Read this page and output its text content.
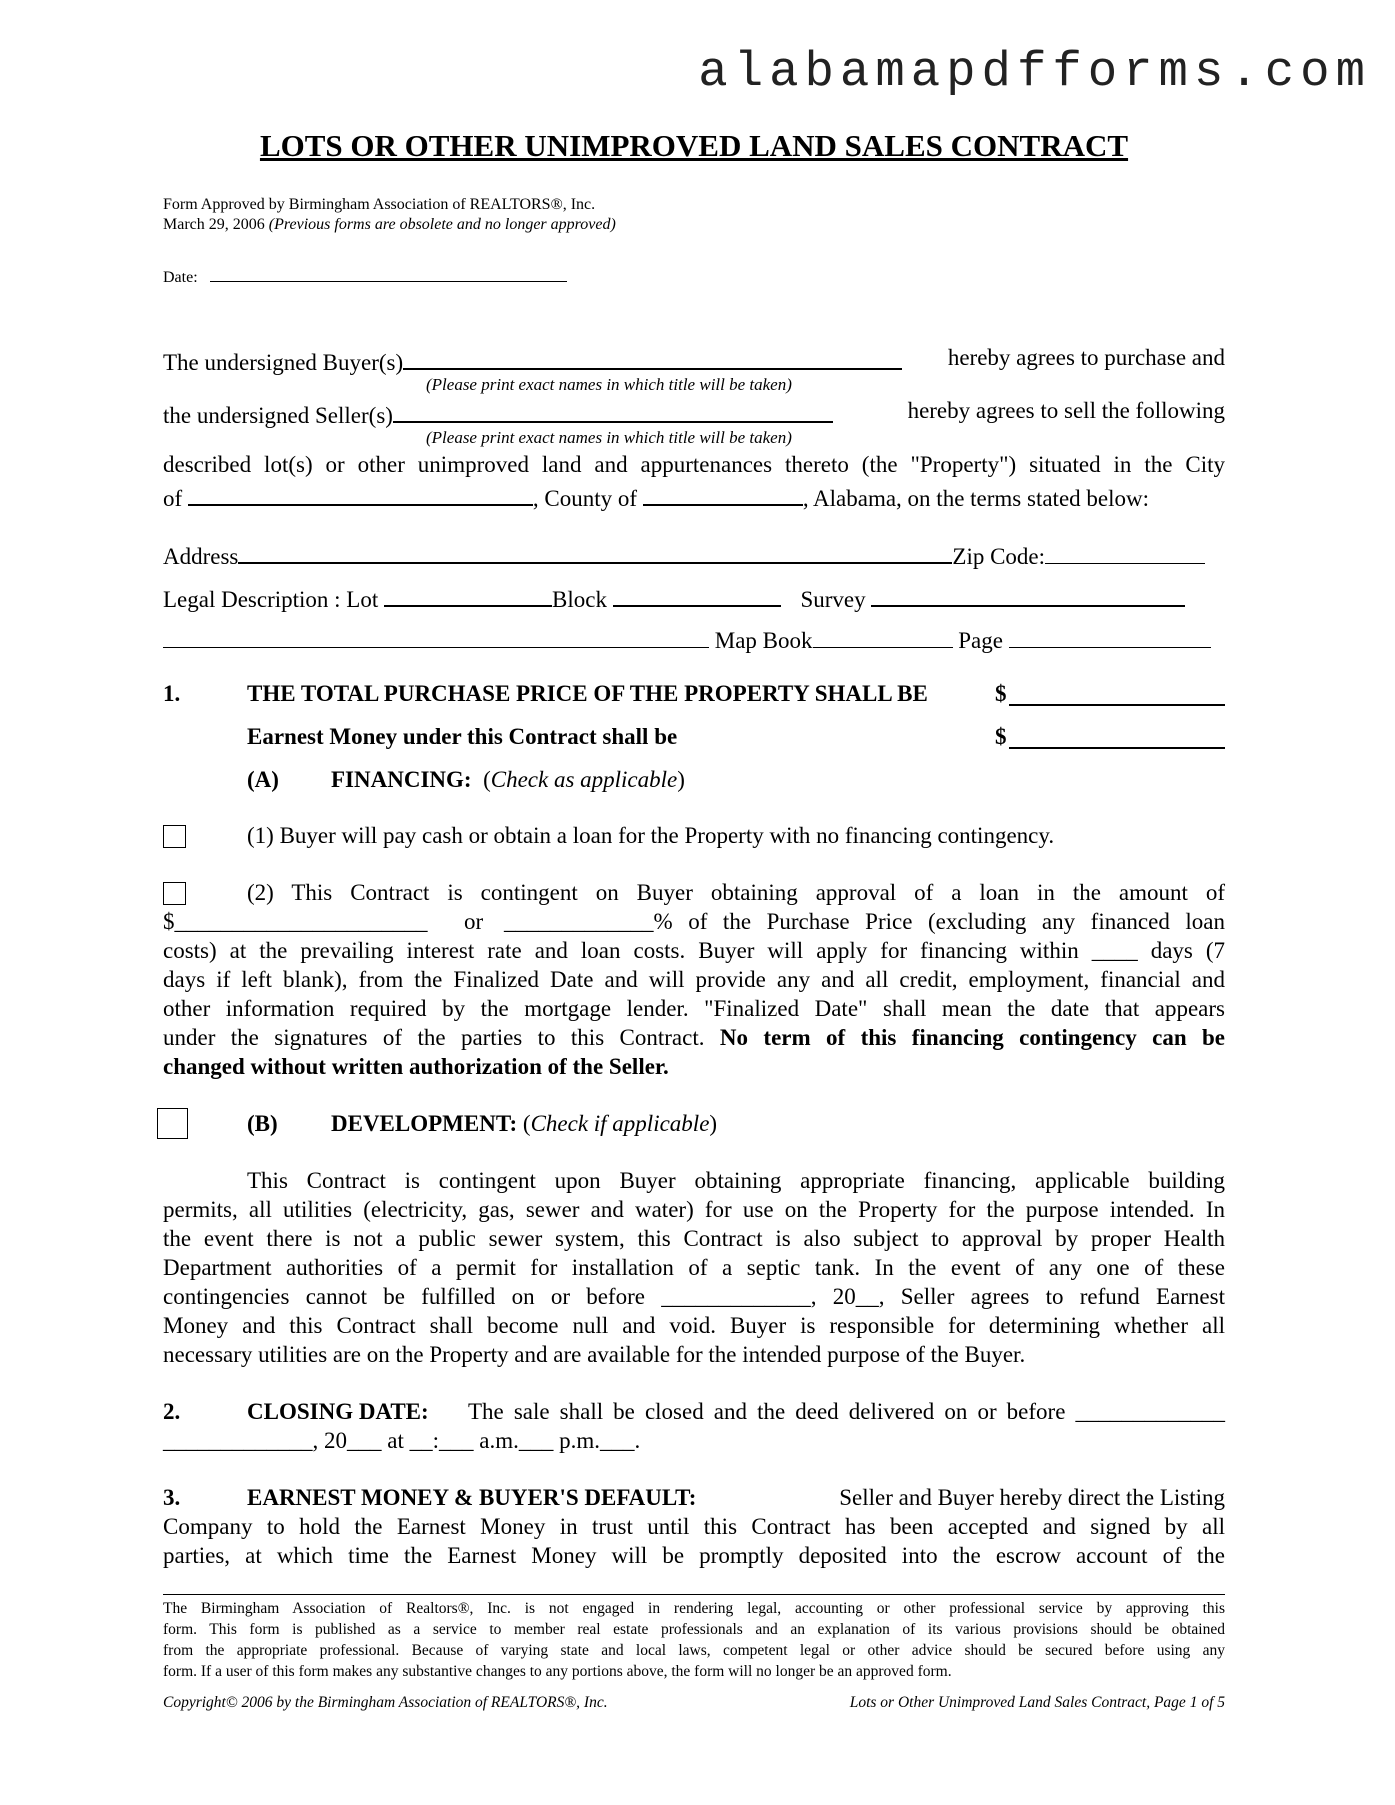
alabamapdfforms.com
LOTS OR OTHER UNIMPROVED LAND SALES CONTRACT
Form Approved by Birmingham Association of REALTORS®, Inc.
March 29, 2006 (Previous forms are obsolete and no longer approved)
Date:
The undersigned Buyer(s)	hereby agrees to purchase and
(Please print exact names in which title will be taken)
the undersigned Seller(s)	hereby agrees to sell the following
(Please print exact names in which title will be taken)
described lot(s) or other unimproved land and appurtenances thereto (the "Property") situated in the City
of	, County of	, Alabama, on the terms stated below:
Address	Zip Code:
Legal Description : Lot	Block	Survey
Map Book	Page
1.	THE TOTAL PURCHASE PRICE OF THE PROPERTY SHALL BE	$
Earnest Money under this Contract shall be	$
(A) FINANCING: (Check as applicable)
(1) Buyer will pay cash or obtain a loan for the Property with no financing contingency.
(2) This Contract is contingent on Buyer obtaining approval of a loan in the amount of
$______________________ or _____________% of the Purchase Price (excluding any financed loan
costs) at the prevailing interest rate and loan costs. Buyer will apply for financing within ____ days (7
days if left blank), from the Finalized Date and will provide any and all credit, employment, financial and
other information required by the mortgage lender. "Finalized Date" shall mean the date that appears
under the signatures of the parties to this Contract. No term of this financing contingency can be
changed without written authorization of the Seller.
(B) DEVELOPMENT: (Check if applicable)
This Contract is contingent upon Buyer obtaining appropriate financing, applicable building
permits, all utilities (electricity, gas, sewer and water) for use on the Property for the purpose intended. In
the event there is not a public sewer system, this Contract is also subject to approval by proper Health
Department authorities of a permit for installation of a septic tank. In the event of any one of these
contingencies cannot be fulfilled on or before _____________, 20__, Seller agrees to refund Earnest
Money and this Contract shall become null and void. Buyer is responsible for determining whether all
necessary utilities are on the Property and are available for the intended purpose of the Buyer.
2.	CLOSING DATE: The sale shall be closed and the deed delivered on or before _____________
_____________, 20___ at __:___ a.m.___ p.m.___.
3.	EARNEST MONEY & BUYER'S DEFAULT:	Seller and Buyer hereby direct the Listing
Company to hold the Earnest Money in trust until this Contract has been accepted and signed by all
parties, at which time the Earnest Money will be promptly deposited into the escrow account of the
The Birmingham Association of Realtors®, Inc. is not engaged in rendering legal, accounting or other professional service by approving this
form. This form is published as a service to member real estate professionals and an explanation of its various provisions should be obtained
from the appropriate professional. Because of varying state and local laws, competent legal or other advice should be secured before using any
form. If a user of this form makes any substantive changes to any portions above, the form will no longer be an approved form.
Copyright© 2006 by the Birmingham Association of REALTORS®, Inc.	Lots or Other Unimproved Land Sales Contract, Page 1 of 5
